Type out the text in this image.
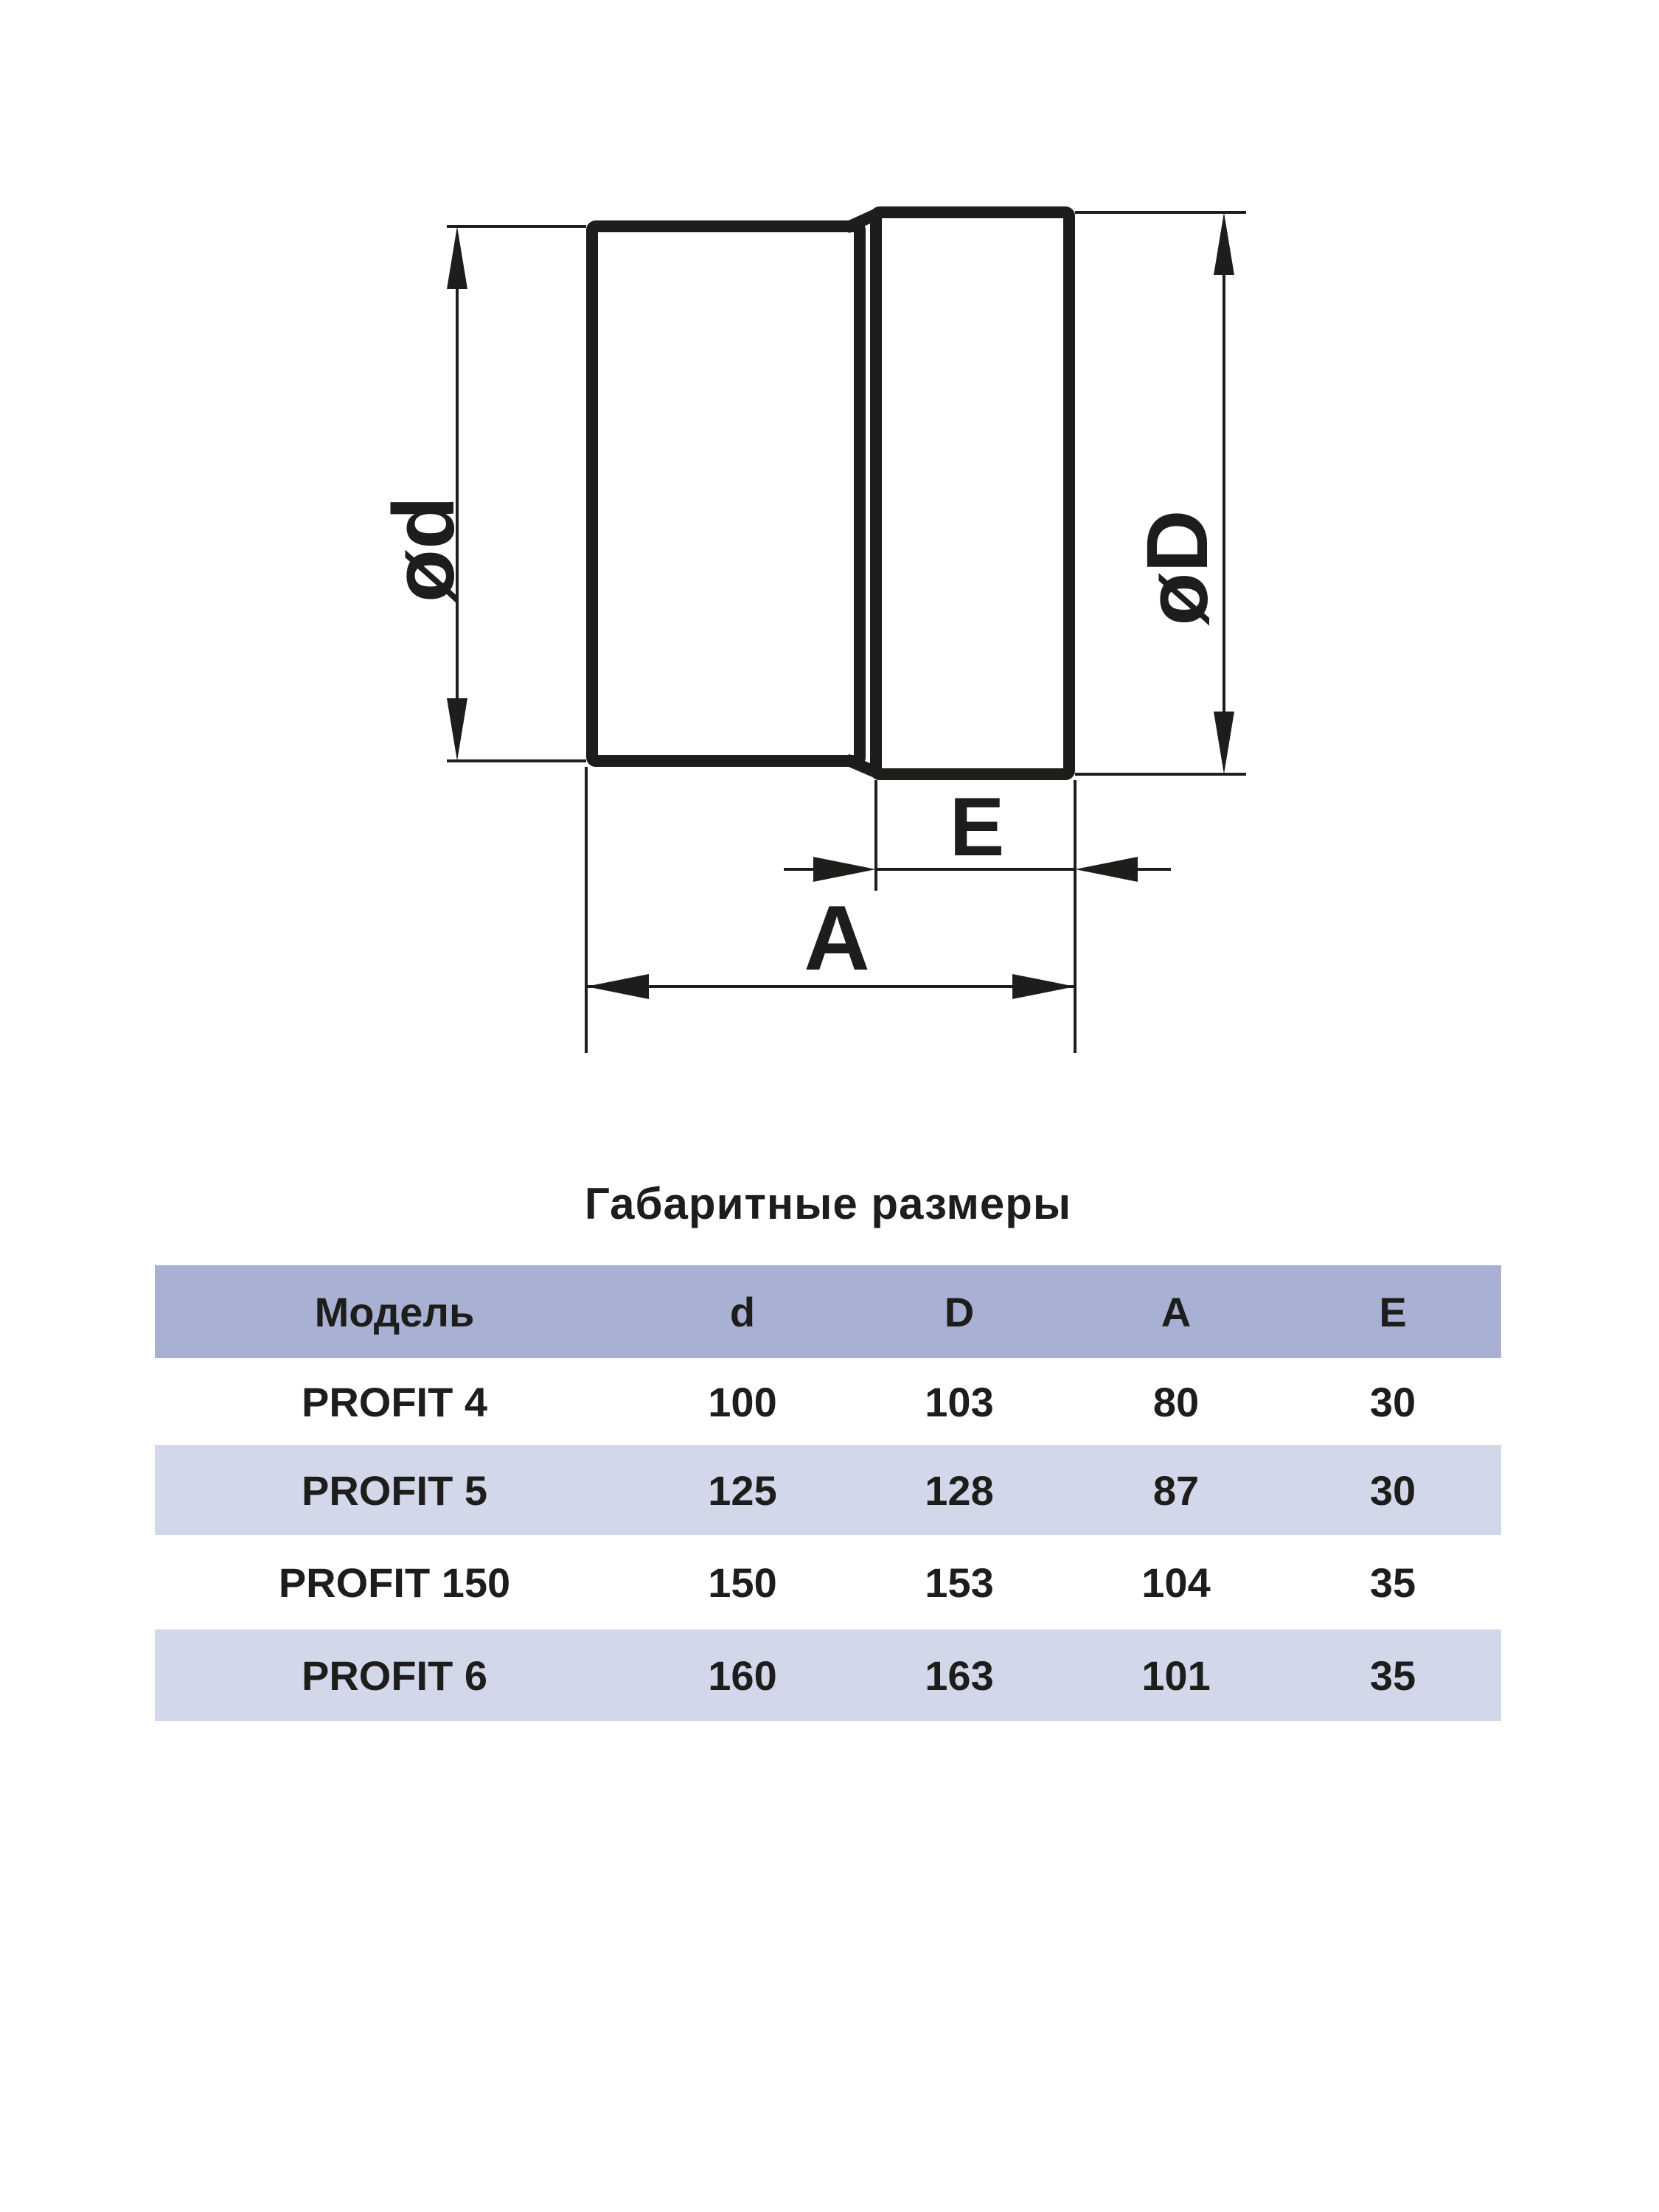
ød	øD
E
A
Габаритные размеры
Модель	d	D	A	E
PROFIT 4	100	103	80	30
PROFIT 5	125	128	87	30
PROFIT 150	150	153	104	35
PROFIT 6	160	163	101	35
